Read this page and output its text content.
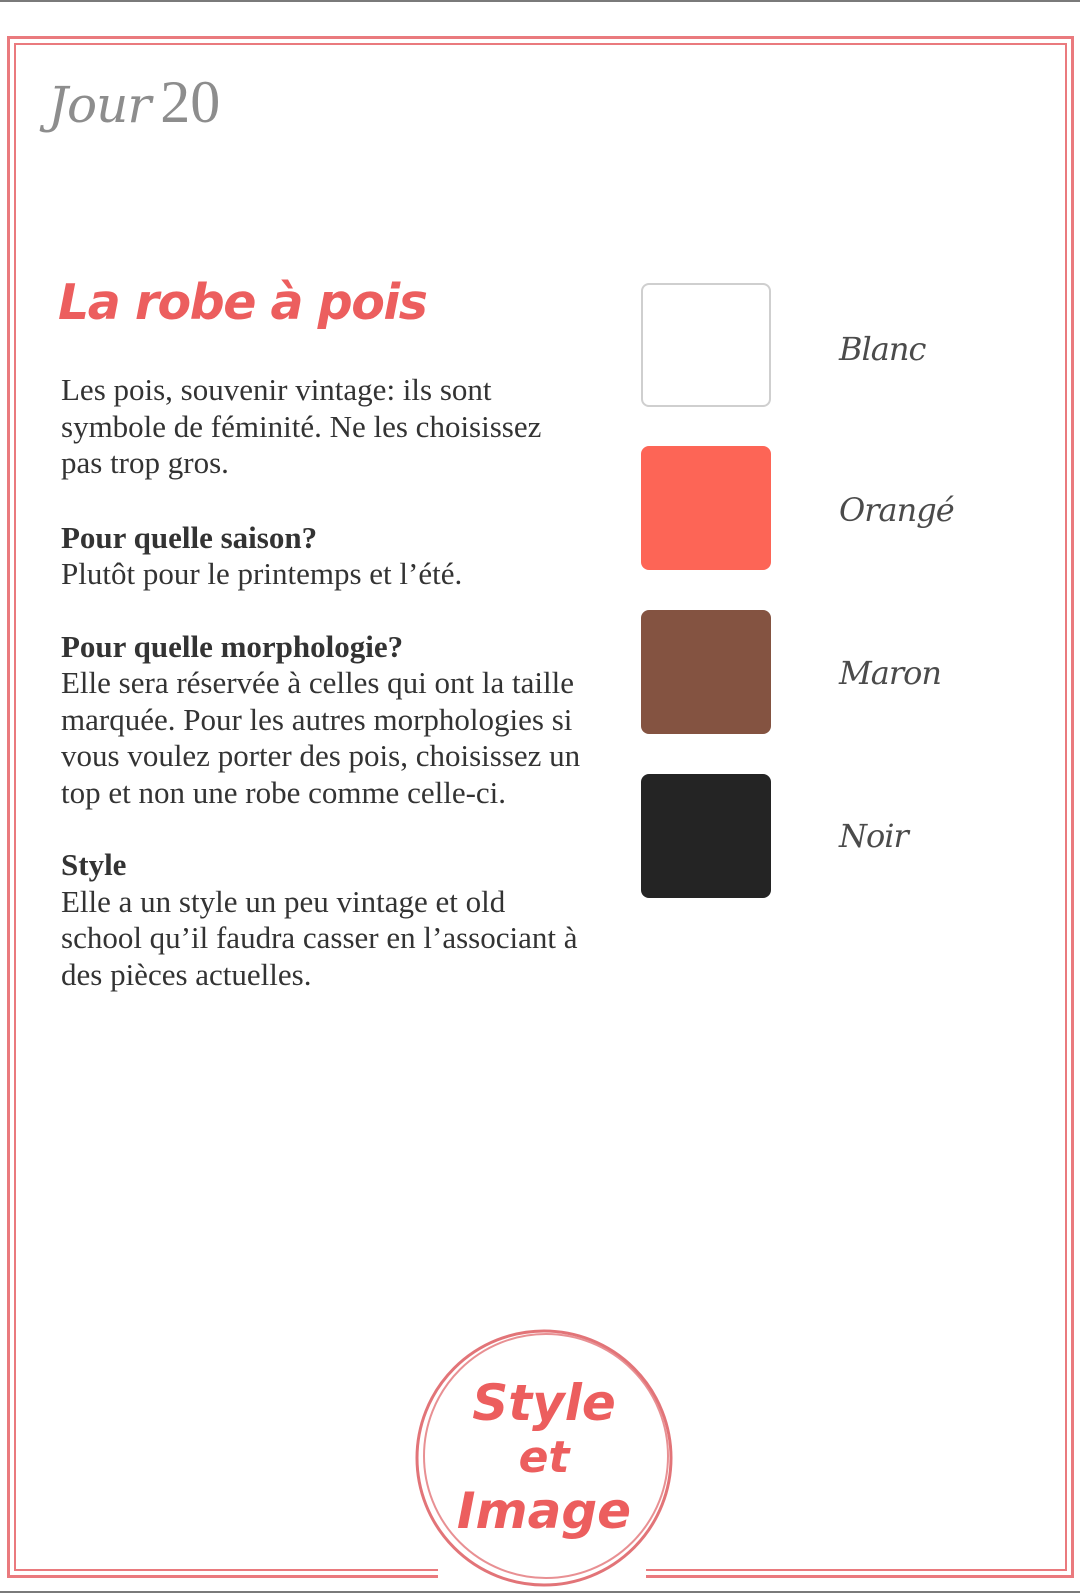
Jour 20
La robe à pois

Les pois, souvenir vintage: ils sont symbole de féminité. Ne les choisissez pas trop gros.

Pour quelle saison?
Plutôt pour le printemps et l’été.

Pour quelle morphologie?
Elle sera réservée à celles qui ont la taille marquée. Pour les autres morphologies si vous voulez porter des pois, choisissez un top et non une robe comme celle-ci.

Style
Elle a un style un peu vintage et old school qu’il faudra casser en l’associant à des pièces actuelles.

Blanc
Orangé
Maron
Noir
Style
et
Image
